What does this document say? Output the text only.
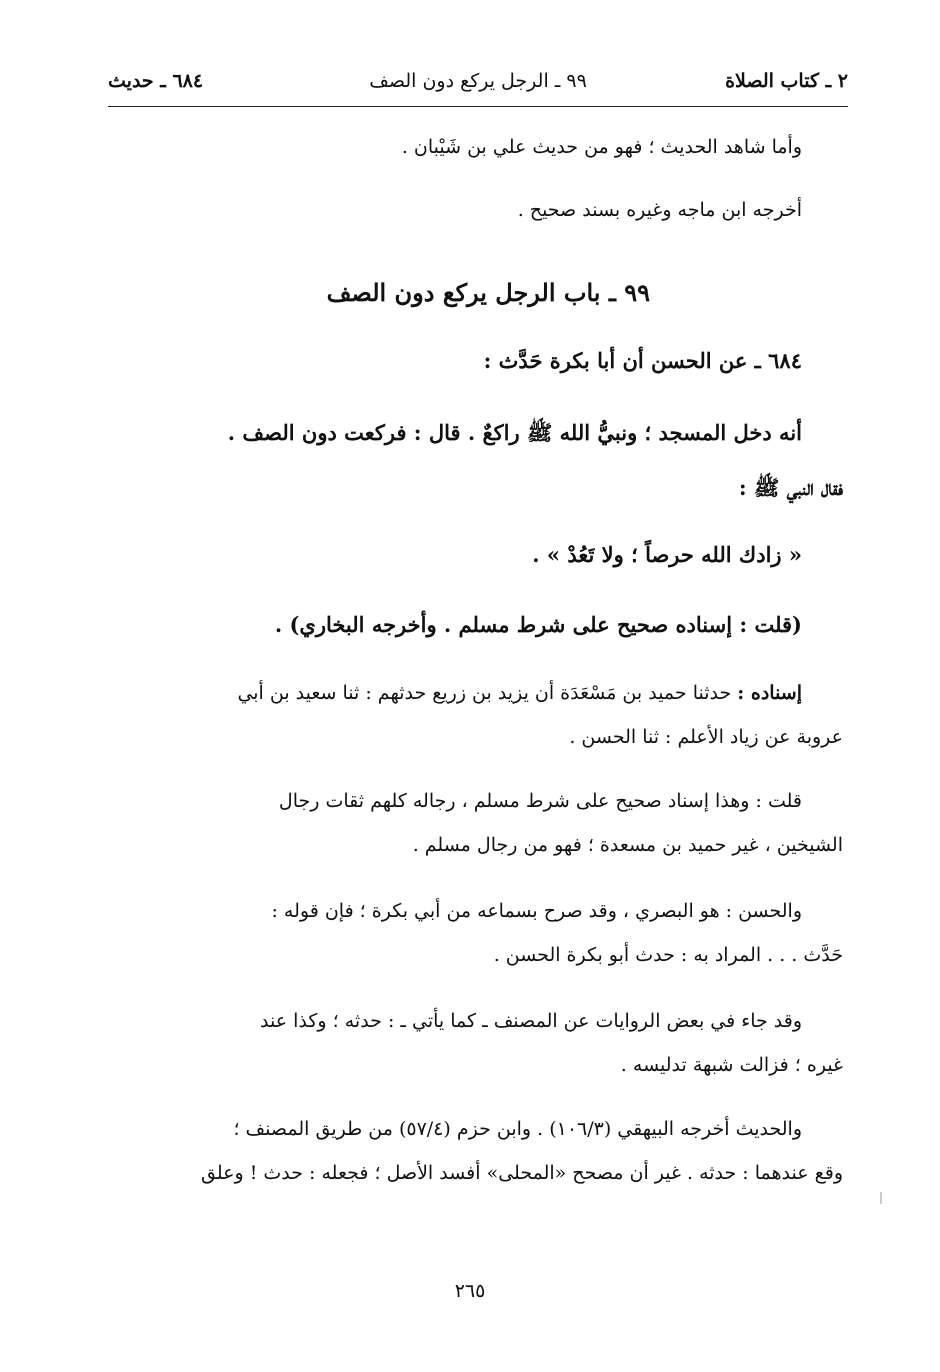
٢ ـ كتاب الصلاة
٩٩ ـ الرجل يركع دون الصف
٦٨٤ ـ حديث
وأما شاهد الحديث ؛ فهو من حديث علي بن شَيْبان .
أخرجه ابن ماجه وغيره بسند صحيح .
٩٩ ـ باب الرجل يركع دون الصف
٦٨٤ ـ عن الحسن أن أبا بكرة حَدَّث :
أنه دخل المسجد ؛ ونبيُّ الله ﷺ راكعٌ . قال : فركعت دون الصف .
فقال النبي ﷺ :
« زادك الله حرصاً ؛ ولا تَعُدْ » .
(قلت : إسناده صحيح على شرط مسلم . وأخرجه البخاري) .
إسناده :
حدثنا حميد بن مَسْعَدَة أن يزيد بن زريع حدثهم : ثنا سعيد بن أبي
عروبة عن زياد الأعلم : ثنا الحسن .
قلت : وهذا إسناد صحيح على شرط مسلم ، رجاله كلهم ثقات رجال
الشيخين ، غير حميد بن مسعدة ؛ فهو من رجال مسلم .
والحسن : هو البصري ، وقد صرح بسماعه من أبي بكرة ؛ فإن قوله :
حَدَّث . . . المراد به : حدث أبو بكرة الحسن .
وقد جاء في بعض الروايات عن المصنف ـ كما يأتي ـ : حدثه ؛ وكذا عند
غيره ؛ فزالت شبهة تدليسه .
والحديث أخرجه البيهقي (١٠٦/٣) . وابن حزم (٥٧/٤) من طريق المصنف ؛
وقع عندهما : حدثه . غير أن مصحح «المحلى» أفسد الأصل ؛ فجعله : حدث ! وعلق
٢٦٥
